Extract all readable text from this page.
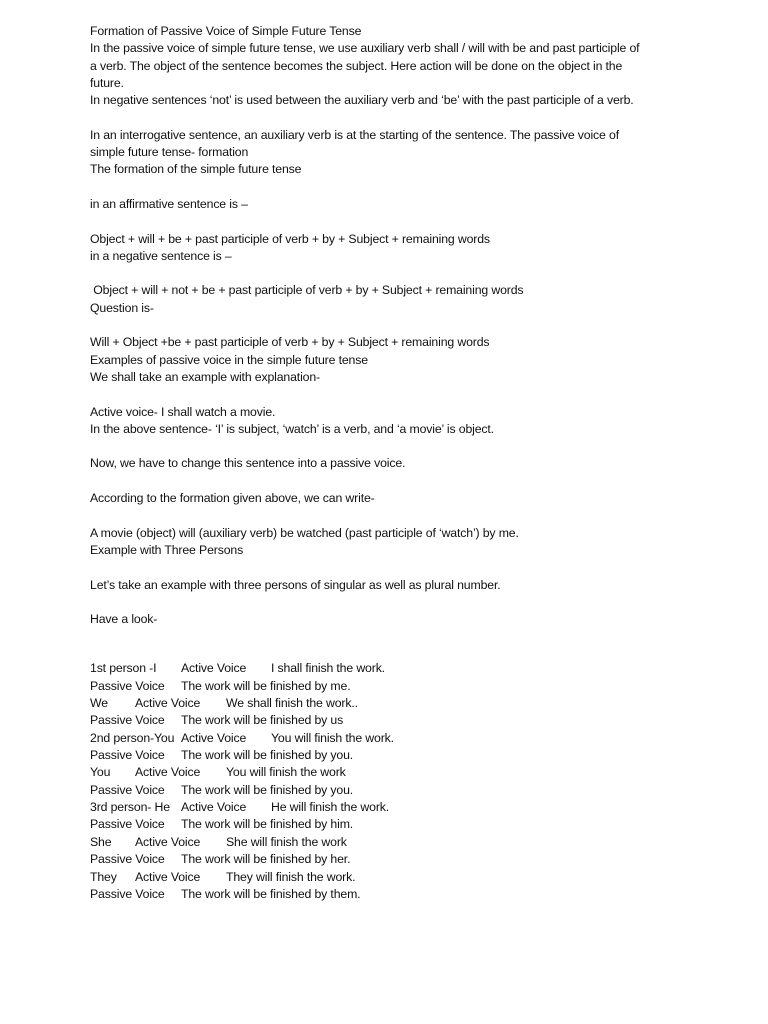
Formation of Passive Voice of Simple Future Tense
In the passive voice of simple future tense, we use auxiliary verb shall / will with be and past participle of
a verb. The object of the sentence becomes the subject. Here action will be done on the object in the
future.
In negative sentences ‘not’ is used between the auxiliary verb and ‘be’ with the past participle of a verb.
In an interrogative sentence, an auxiliary verb is at the starting of the sentence. The passive voice of
simple future tense- formation
The formation of the simple future tense
in an affirmative sentence is –
Object + will + be + past participle of verb + by + Subject + remaining words
in a negative sentence is –
Object + will + not + be + past participle of verb + by + Subject + remaining words
Question is-
Will + Object +be + past participle of verb + by + Subject + remaining words
Examples of passive voice in the simple future tense
We shall take an example with explanation-
Active voice- I shall watch a movie.
In the above sentence- ‘I’ is subject, ‘watch’ is a verb, and ‘a movie’ is object.
Now, we have to change this sentence into a passive voice.
According to the formation given above, we can write-
A movie (object) will (auxiliary verb) be watched (past participle of ‘watch’) by me.
Example with Three Persons
Let’s take an example with three persons of singular as well as plural number.
Have a look-
1st person -I Active Voice I shall finish the work.
Passive Voice The work will be finished by me.
We Active Voice We shall finish the work..
Passive Voice The work will be finished by us
2nd person-You Active Voice You will finish the work.
Passive Voice The work will be finished by you.
You Active Voice You will finish the work
Passive Voice The work will be finished by you.
3rd person- He Active Voice He will finish the work.
Passive Voice The work will be finished by him.
She Active Voice She will finish the work
Passive Voice The work will be finished by her.
They Active Voice They will finish the work.
Passive Voice The work will be finished by them.
